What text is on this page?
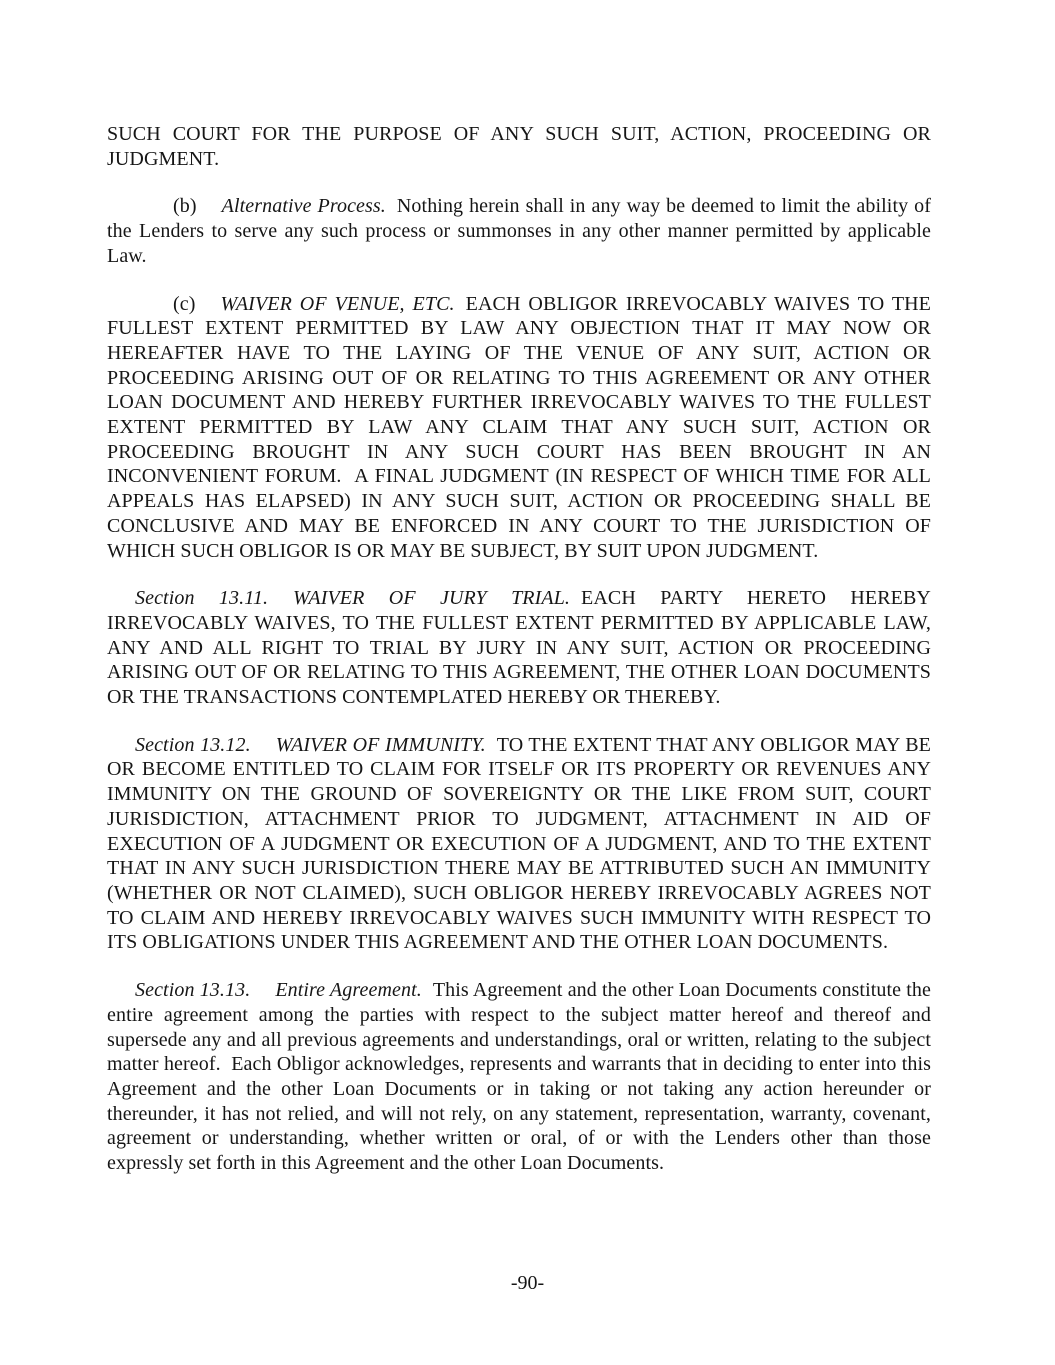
SUCH COURT FOR THE PURPOSE OF ANY SUCH SUIT, ACTION, PROCEEDING OR JUDGMENT.

(b) Alternative Process. Nothing herein shall in any way be deemed to limit the ability of the Lenders to serve any such process or summonses in any other manner permitted by applicable Law.

(c) WAIVER OF VENUE, ETC. EACH OBLIGOR IRREVOCABLY WAIVES TO THE FULLEST EXTENT PERMITTED BY LAW ANY OBJECTION THAT IT MAY NOW OR HEREAFTER HAVE TO THE LAYING OF THE VENUE OF ANY SUIT, ACTION OR PROCEEDING ARISING OUT OF OR RELATING TO THIS AGREEMENT OR ANY OTHER LOAN DOCUMENT AND HEREBY FURTHER IRREVOCABLY WAIVES TO THE FULLEST EXTENT PERMITTED BY LAW ANY CLAIM THAT ANY SUCH SUIT, ACTION OR PROCEEDING BROUGHT IN ANY SUCH COURT HAS BEEN BROUGHT IN AN INCONVENIENT FORUM.  A FINAL JUDGMENT (IN RESPECT OF WHICH TIME FOR ALL APPEALS HAS ELAPSED) IN ANY SUCH SUIT, ACTION OR PROCEEDING SHALL BE CONCLUSIVE AND MAY BE ENFORCED IN ANY COURT TO THE JURISDICTION OF WHICH SUCH OBLIGOR IS OR MAY BE SUBJECT, BY SUIT UPON JUDGMENT.

Section 13.11. WAIVER OF JURY TRIAL. EACH PARTY HERETO HEREBY IRREVOCABLY WAIVES, TO THE FULLEST EXTENT PERMITTED BY APPLICABLE LAW, ANY AND ALL RIGHT TO TRIAL BY JURY IN ANY SUIT, ACTION OR PROCEEDING ARISING OUT OF OR RELATING TO THIS AGREEMENT, THE OTHER LOAN DOCUMENTS OR THE TRANSACTIONS CONTEMPLATED HEREBY OR THEREBY.

Section 13.12. WAIVER OF IMMUNITY. TO THE EXTENT THAT ANY OBLIGOR MAY BE OR BECOME ENTITLED TO CLAIM FOR ITSELF OR ITS PROPERTY OR REVENUES ANY IMMUNITY ON THE GROUND OF SOVEREIGNTY OR THE LIKE FROM SUIT, COURT JURISDICTION, ATTACHMENT PRIOR TO JUDGMENT, ATTACHMENT IN AID OF EXECUTION OF A JUDGMENT OR EXECUTION OF A JUDGMENT, AND TO THE EXTENT THAT IN ANY SUCH JURISDICTION THERE MAY BE ATTRIBUTED SUCH AN IMMUNITY (WHETHER OR NOT CLAIMED), SUCH OBLIGOR HEREBY IRREVOCABLY AGREES NOT TO CLAIM AND HEREBY IRREVOCABLY WAIVES SUCH IMMUNITY WITH RESPECT TO ITS OBLIGATIONS UNDER THIS AGREEMENT AND THE OTHER LOAN DOCUMENTS.

Section 13.13. Entire Agreement. This Agreement and the other Loan Documents constitute the entire agreement among the parties with respect to the subject matter hereof and thereof and supersede any and all previous agreements and understandings, oral or written, relating to the subject matter hereof.  Each Obligor acknowledges, represents and warrants that in deciding to enter into this Agreement and the other Loan Documents or in taking or not taking any action hereunder or thereunder, it has not relied, and will not rely, on any statement, representation, warranty, covenant, agreement or understanding, whether written or oral, of or with the Lenders other than those expressly set forth in this Agreement and the other Loan Documents.

-90-
